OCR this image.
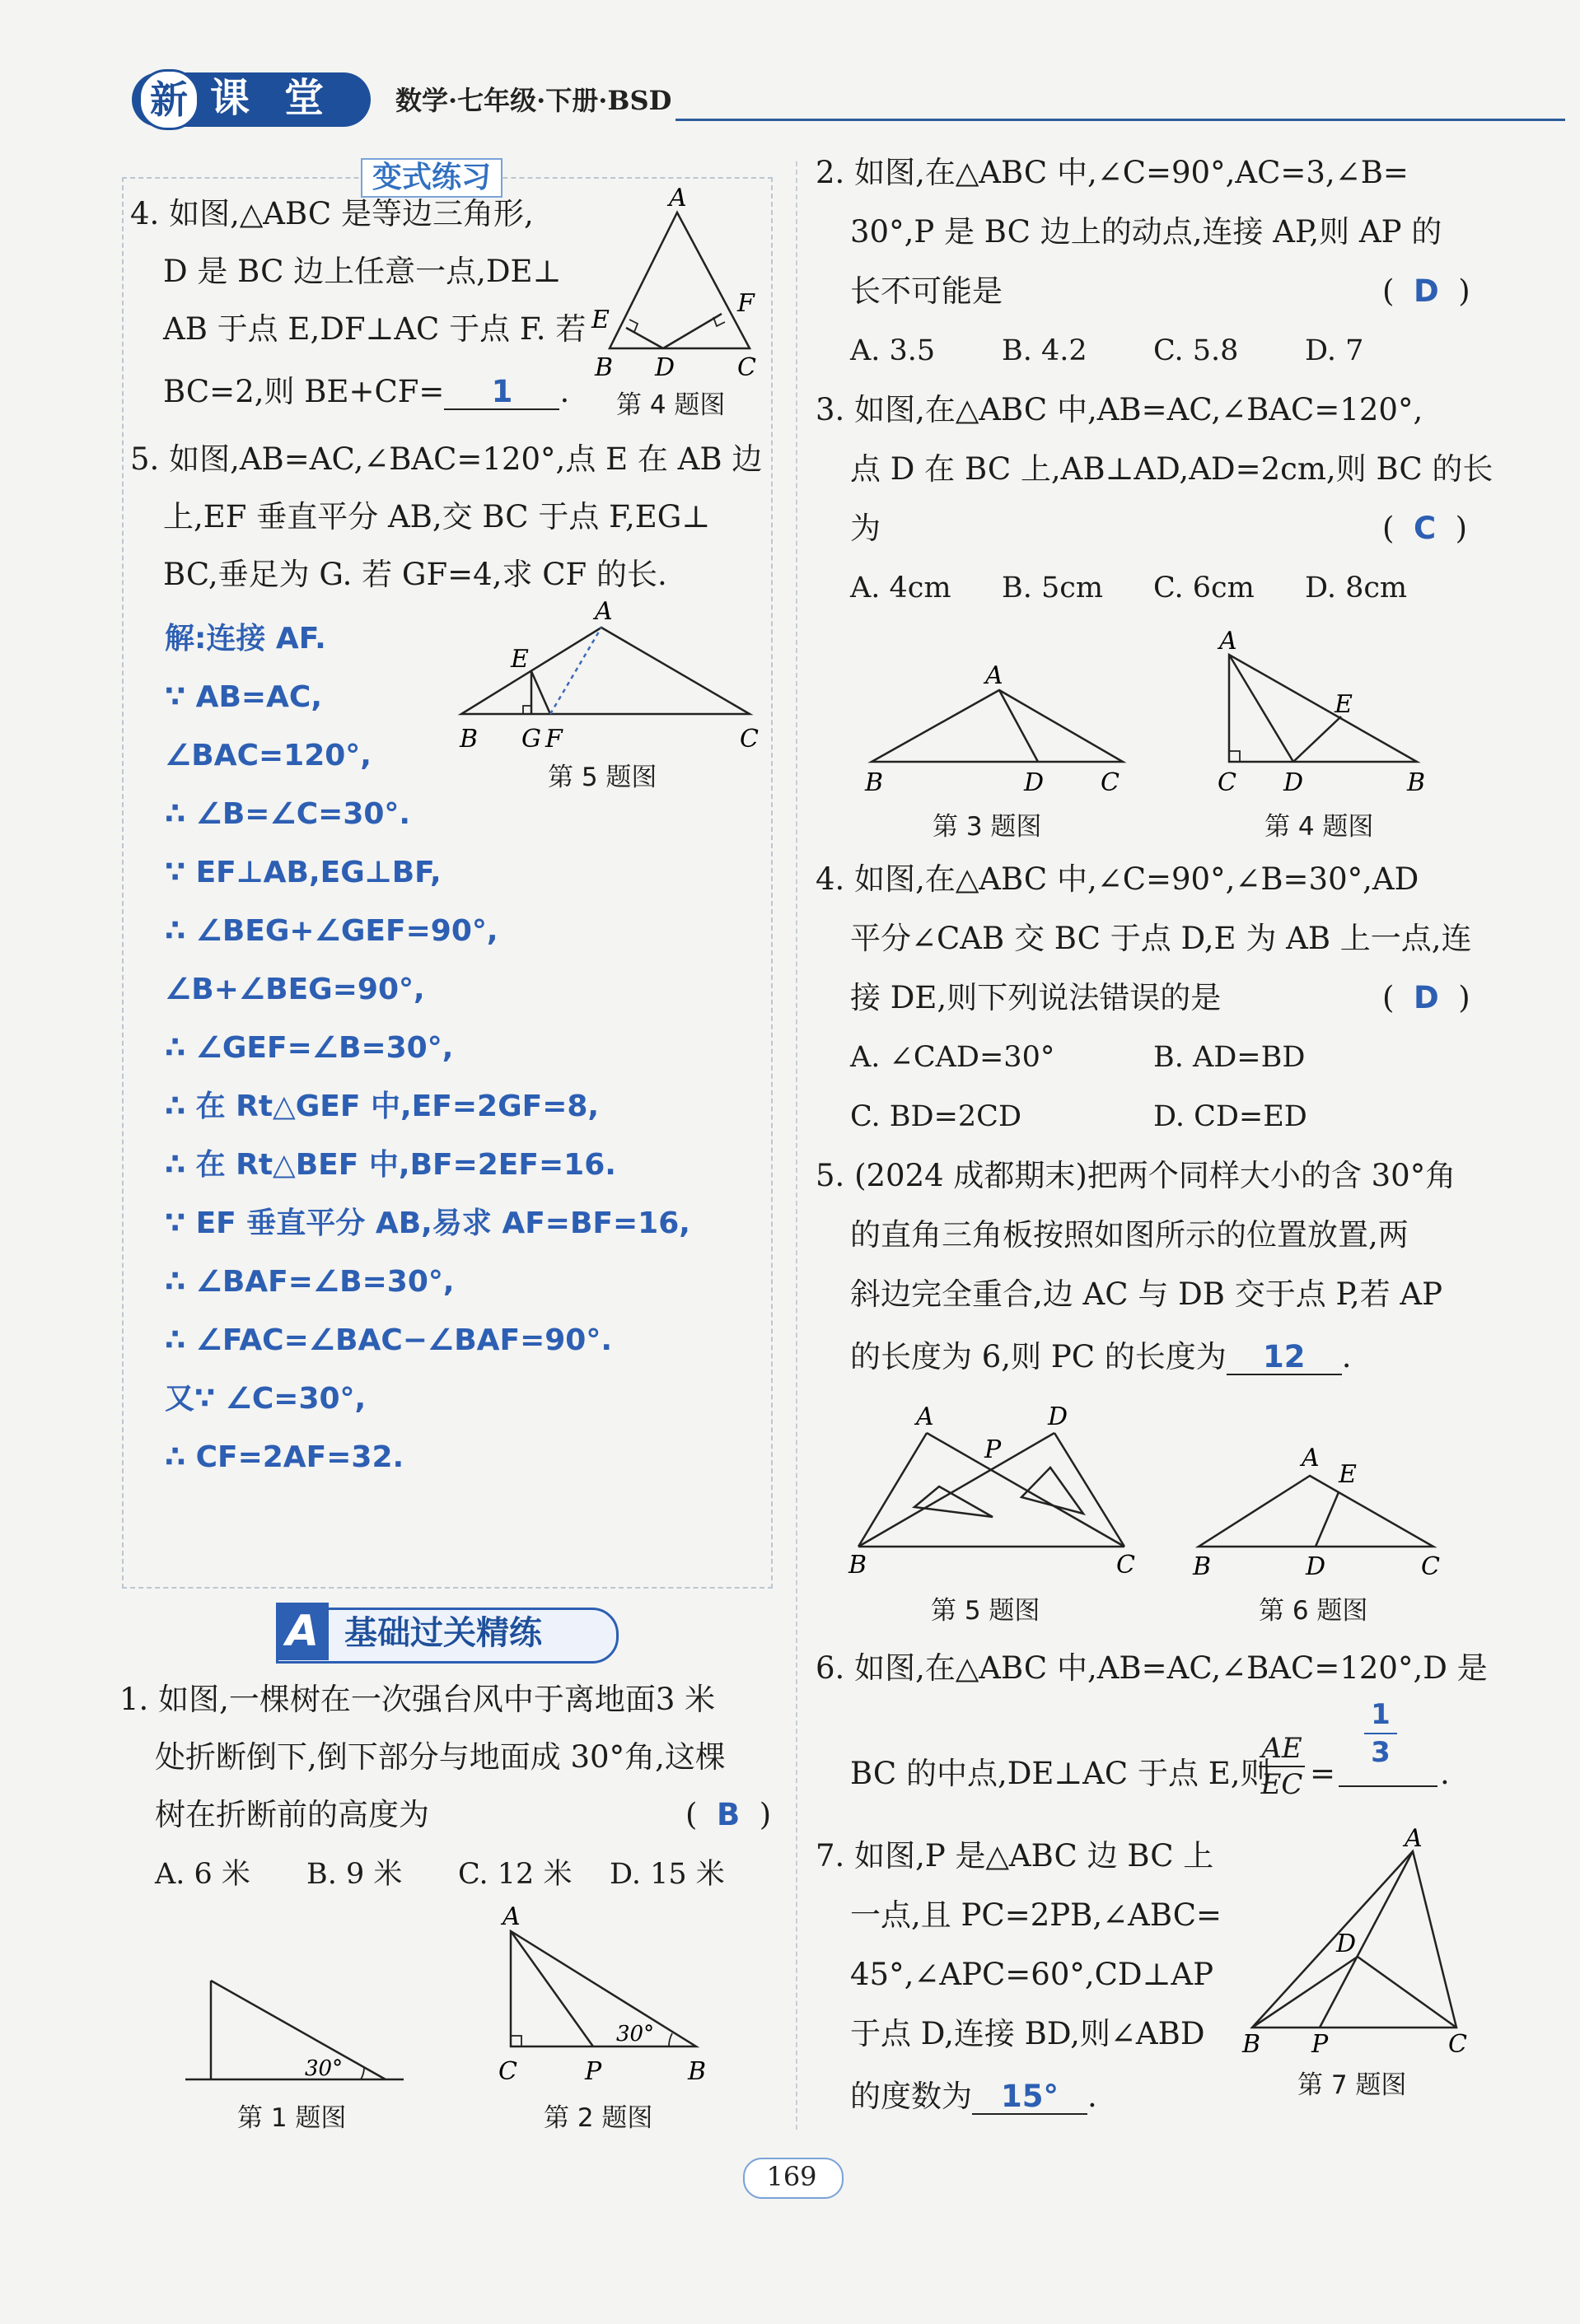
新 课 堂	数学·七年级·下册·BSD
变式练习
4. 如图,△ABC 是等边三角形,
D 是 BC 边上任意一点,DE⊥
AB 于点 E,DF⊥AC 于点 F. 若
BC=2,则 BE+CF= 1 .
A
E
F
B D	C
第 4 题图
5. 如图,AB=AC,∠BAC=120°,点 E 在 AB 边
上,EF 垂直平分 AB,交 BC 于点 F,EG⊥
BC,垂足为 G. 若 GF=4,求 CF 的长.
A
E
B G F	C
第 5 题图
解:连接 AF.
∵ AB=AC,
∠BAC=120°,
∴ ∠B=∠C=30°.
∵ EF⊥AB,EG⊥BF,
∴ ∠BEG+∠GEF=90°,
∠B+∠BEG=90°,
∴ ∠GEF=∠B=30°,
∴ 在 Rt△GEF 中,EF=2GF=8,
∴ 在 Rt△BEF 中,BF=2EF=16.
∵ EF 垂直平分 AB,易求 AF=BF=16,
∴ ∠BAF=∠B=30°,
∴ ∠FAC=∠BAC−∠BAF=90°.
又∵ ∠C=30°,
∴ CF=2AF=32.
A 基础过关精练
1. 如图,一棵树在一次强台风中于离地面3 米
处折断倒下,倒下部分与地面成 30°角,这棵
树在折断前的高度为	(  B  )
A. 6 米 B. 9 米 C. 12 米 D. 15 米
30°
第 1 题图
A
C	P	B
30°
第 2 题图
2. 如图,在△ABC 中,∠C=90°,AC=3,∠B=
30°,P 是 BC 边上的动点,连接 AP,则 AP 的
长不可能是	(  D  )
A. 3.5 B. 4.2 C. 5.8 D. 7
3. 如图,在△ABC 中,AB=AC,∠BAC=120°,
点 D 在 BC 上,AB⊥AD,AD=2cm,则 BC 的长
为	(  C  )
A. 4cm B. 5cm C. 6cm D. 8cm
A
B	D C
第 3 题图
A
E
C D	B
第 4 题图
4. 如图,在△ABC 中,∠C=90°,∠B=30°,AD
平分∠CAB 交 BC 于点 D,E 为 AB 上一点,连
接 DE,则下列说法错误的是	(  D  )
A. ∠CAD=30°	B. AD=BD
C. BD=2CD	D. CD=ED
5. (2024 成都期末)把两个同样大小的含 30°角
的直角三角板按照如图所示的位置放置,两
斜边完全重合,边 AC 与 DB 交于点 P,若 AP
的长度为 6,则 PC 的长度为 12 .
A	D
P
B	C
第 5 题图
A
E
B	D	C
第 6 题图
6. 如图,在△ABC 中,AB=AC,∠BAC=120°,D 是
BC 的中点,DE⊥AC 于点 E,则
$\frac{AE}{EC}$ =
$\frac{1}{3}$
.
7. 如图,P 是△ABC 边 BC 上
一点,且 PC=2PB,∠ABC=
45°,∠APC=60°,CD⊥AP
于点 D,连接 BD,则∠ABD
的度数为 15° .
A
D
B P	C
第 7 题图
169
